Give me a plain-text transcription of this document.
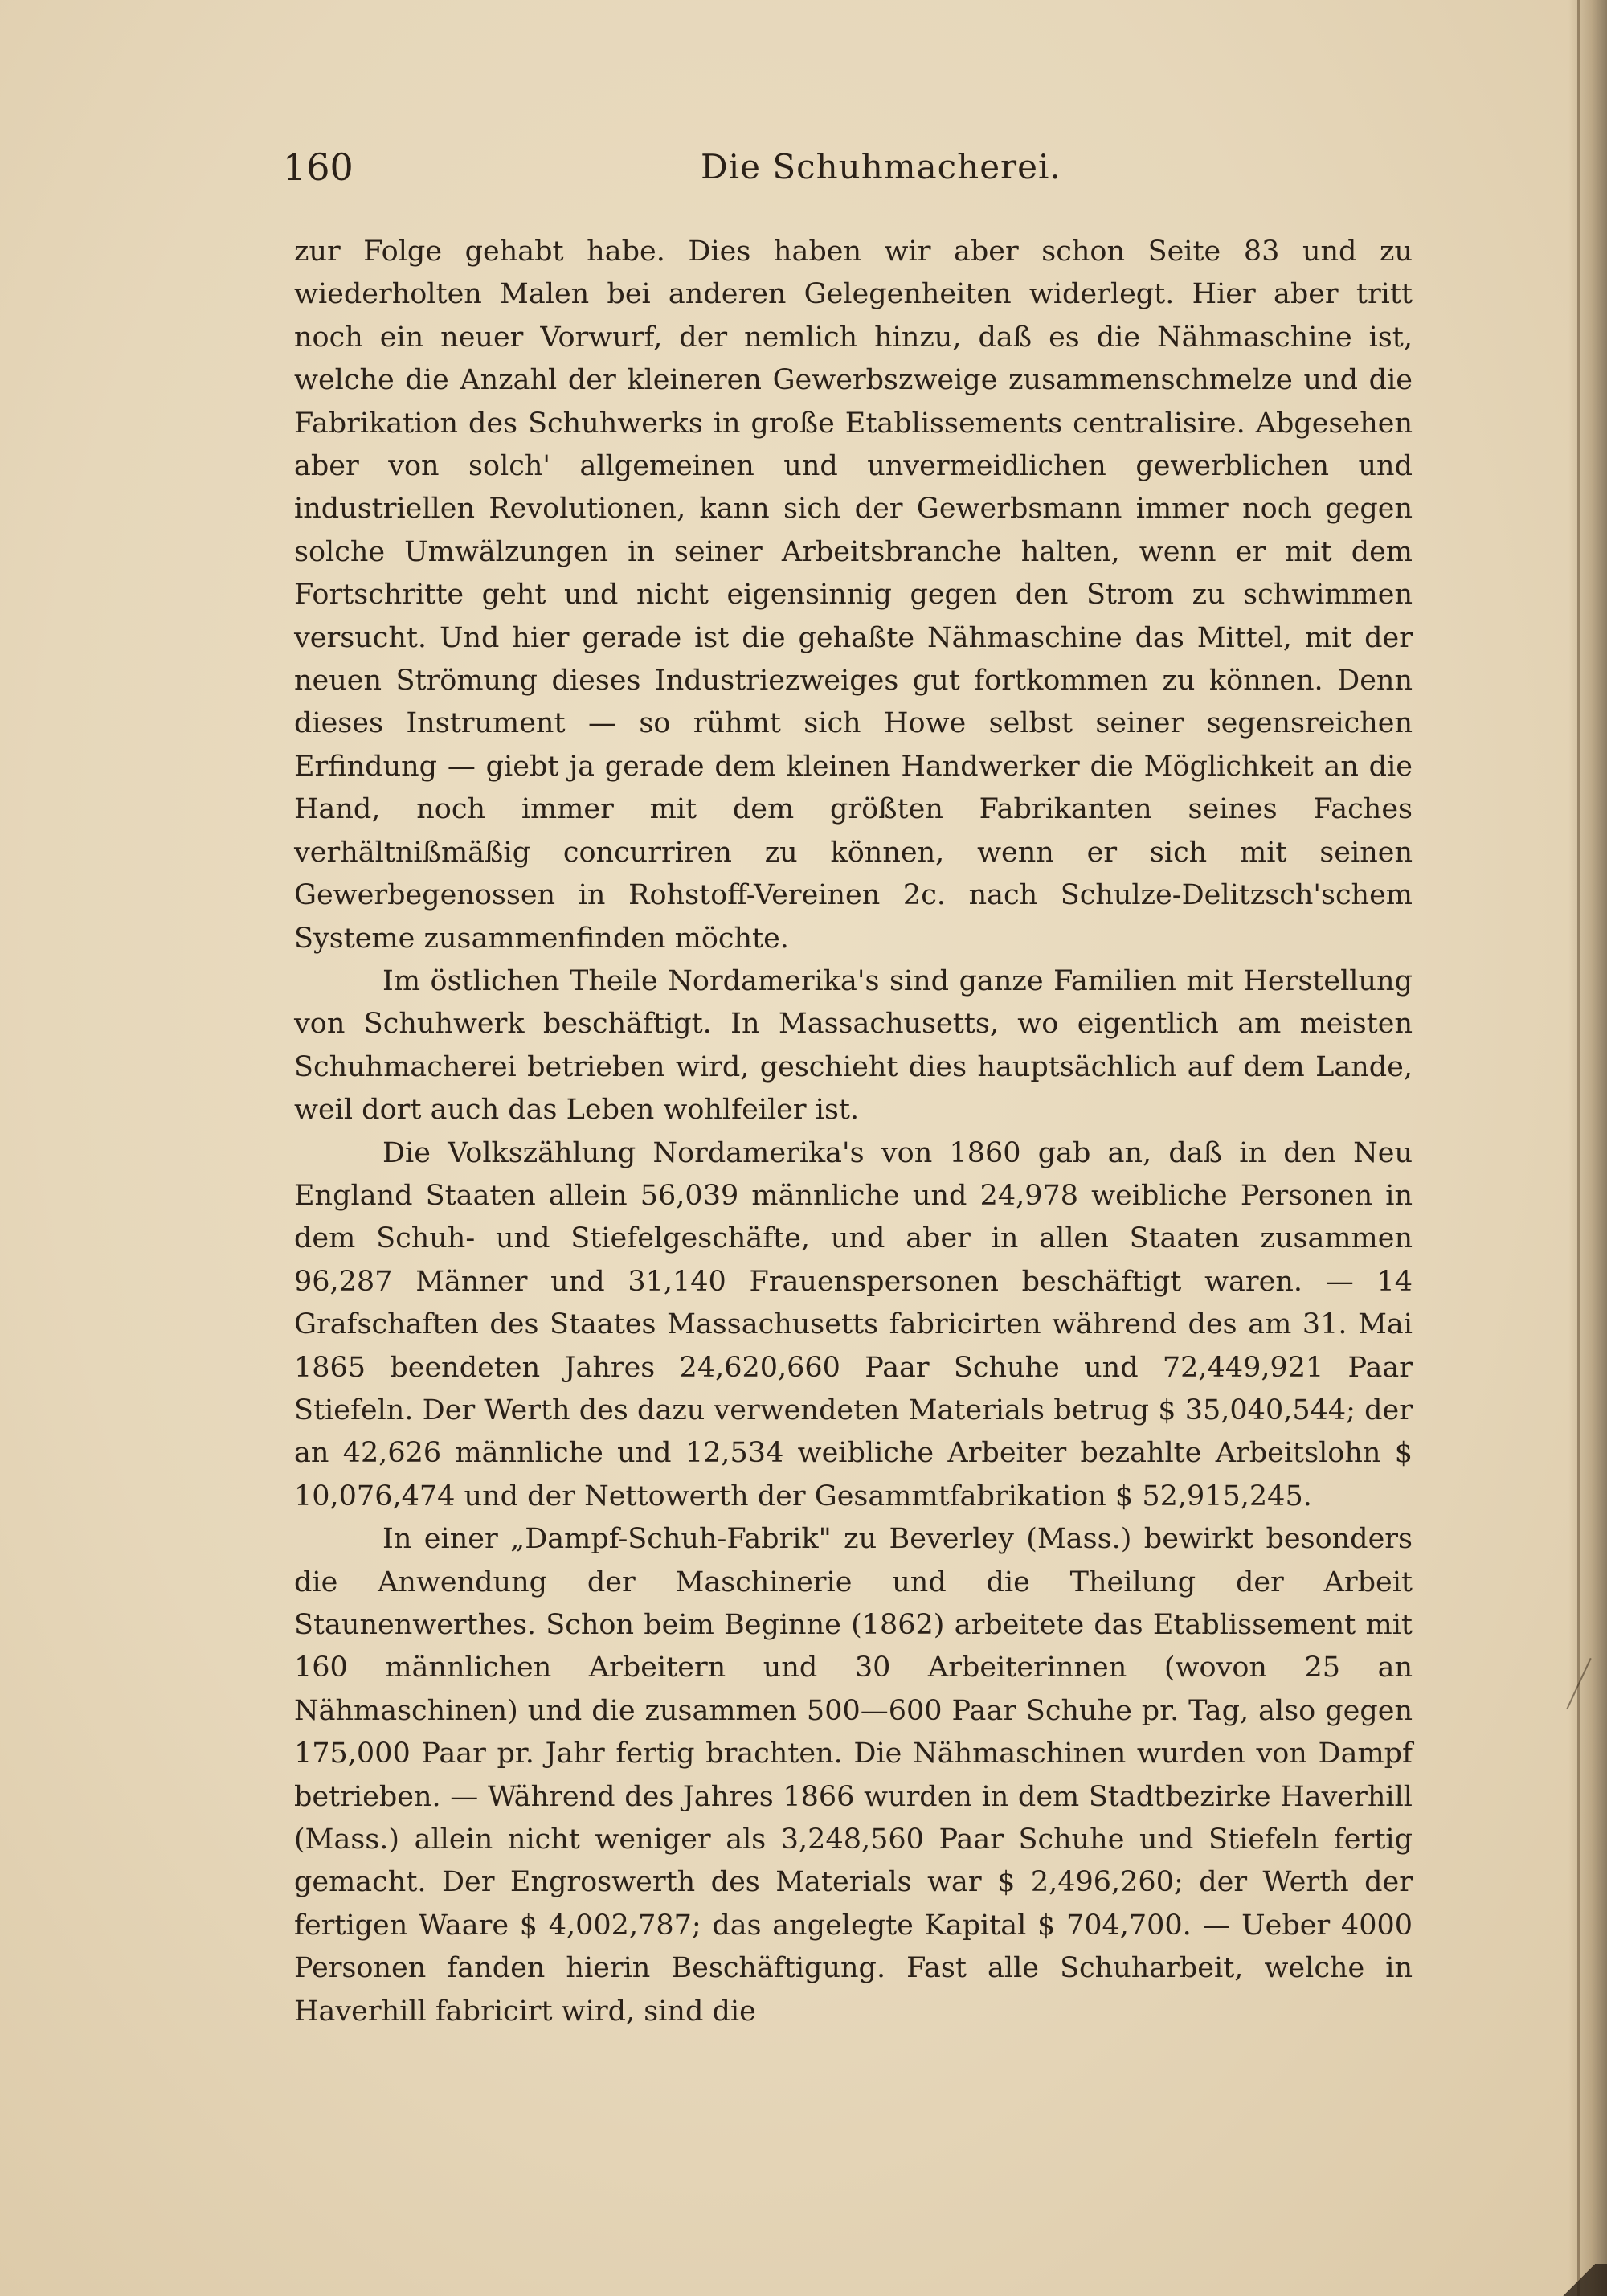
160	Die Schuhmacherei.

zur Folge gehabt habe. Dies haben wir aber schon Seite 83 und zu wiederholten Malen bei anderen Gelegenheiten widerlegt. Hier aber tritt noch ein neuer Vorwurf, der nemlich hinzu, daß es die Nähmaschine ist, welche die Anzahl der kleineren Gewerbszweige zusammenschmelze und die Fabrikation des Schuhwerks in große Etablissements centralisire. Abgesehen aber von solch' allgemeinen und unvermeidlichen gewerblichen und industriellen Revolutionen, kann sich der Gewerbsmann immer noch gegen solche Umwälzungen in seiner Arbeitsbranche halten, wenn er mit dem Fortschritte geht und nicht eigensinnig gegen den Strom zu schwimmen versucht. Und hier gerade ist die gehaßte Nähmaschine das Mittel, mit der neuen Strömung dieses Industriezweiges gut fortkommen zu können. Denn dieses Instrument — so rühmt sich Howe selbst seiner segensreichen Erfindung — giebt ja gerade dem kleinen Handwerker die Möglichkeit an die Hand, noch immer mit dem größten Fabrikanten seines Faches verhältnißmäßig concurriren zu können, wenn er sich mit seinen Gewerbegenossen in Rohstoff-Vereinen 2c. nach Schulze-Delitzsch'schem Systeme zusammenfinden möchte.

Im östlichen Theile Nordamerika's sind ganze Familien mit Herstellung von Schuhwerk beschäftigt. In Massachusetts, wo eigentlich am meisten Schuhmacherei betrieben wird, geschieht dies hauptsächlich auf dem Lande, weil dort auch das Leben wohlfeiler ist.

Die Volkszählung Nordamerika's von 1860 gab an, daß in den Neu England Staaten allein 56,039 männliche und 24,978 weibliche Personen in dem Schuh- und Stiefelgeschäfte, und aber in allen Staaten zusammen 96,287 Männer und 31,140 Frauenspersonen beschäftigt waren. — 14 Grafschaften des Staates Massachusetts fabricirten während des am 31. Mai 1865 beendeten Jahres 24,620,660 Paar Schuhe und 72,449,921 Paar Stiefeln. Der Werth des dazu verwendeten Materials betrug $ 35,040,544; der an 42,626 männliche und 12,534 weibliche Arbeiter bezahlte Arbeitslohn $ 10,076,474 und der Nettowerth der Gesammtfabrikation $ 52,915,245.

In einer „Dampf-Schuh-Fabrik" zu Beverley (Mass.) bewirkt besonders die Anwendung der Maschinerie und die Theilung der Arbeit Staunenwerthes. Schon beim Beginne (1862) arbeitete das Etablissement mit 160 männlichen Arbeitern und 30 Arbeiterinnen (wovon 25 an Nähmaschinen) und die zusammen 500—600 Paar Schuhe pr. Tag, also gegen 175,000 Paar pr. Jahr fertig brachten. Die Nähmaschinen wurden von Dampf betrieben. — Während des Jahres 1866 wurden in dem Stadtbezirke Haverhill (Mass.) allein nicht weniger als 3,248,560 Paar Schuhe und Stiefeln fertig gemacht. Der Engroswerth des Materials war $ 2,496,260; der Werth der fertigen Waare $ 4,002,787; das angelegte Kapital $ 704,700. — Ueber 4000 Personen fanden hierin Beschäftigung. Fast alle Schuharbeit, welche in Haverhill fabricirt wird, sind die
